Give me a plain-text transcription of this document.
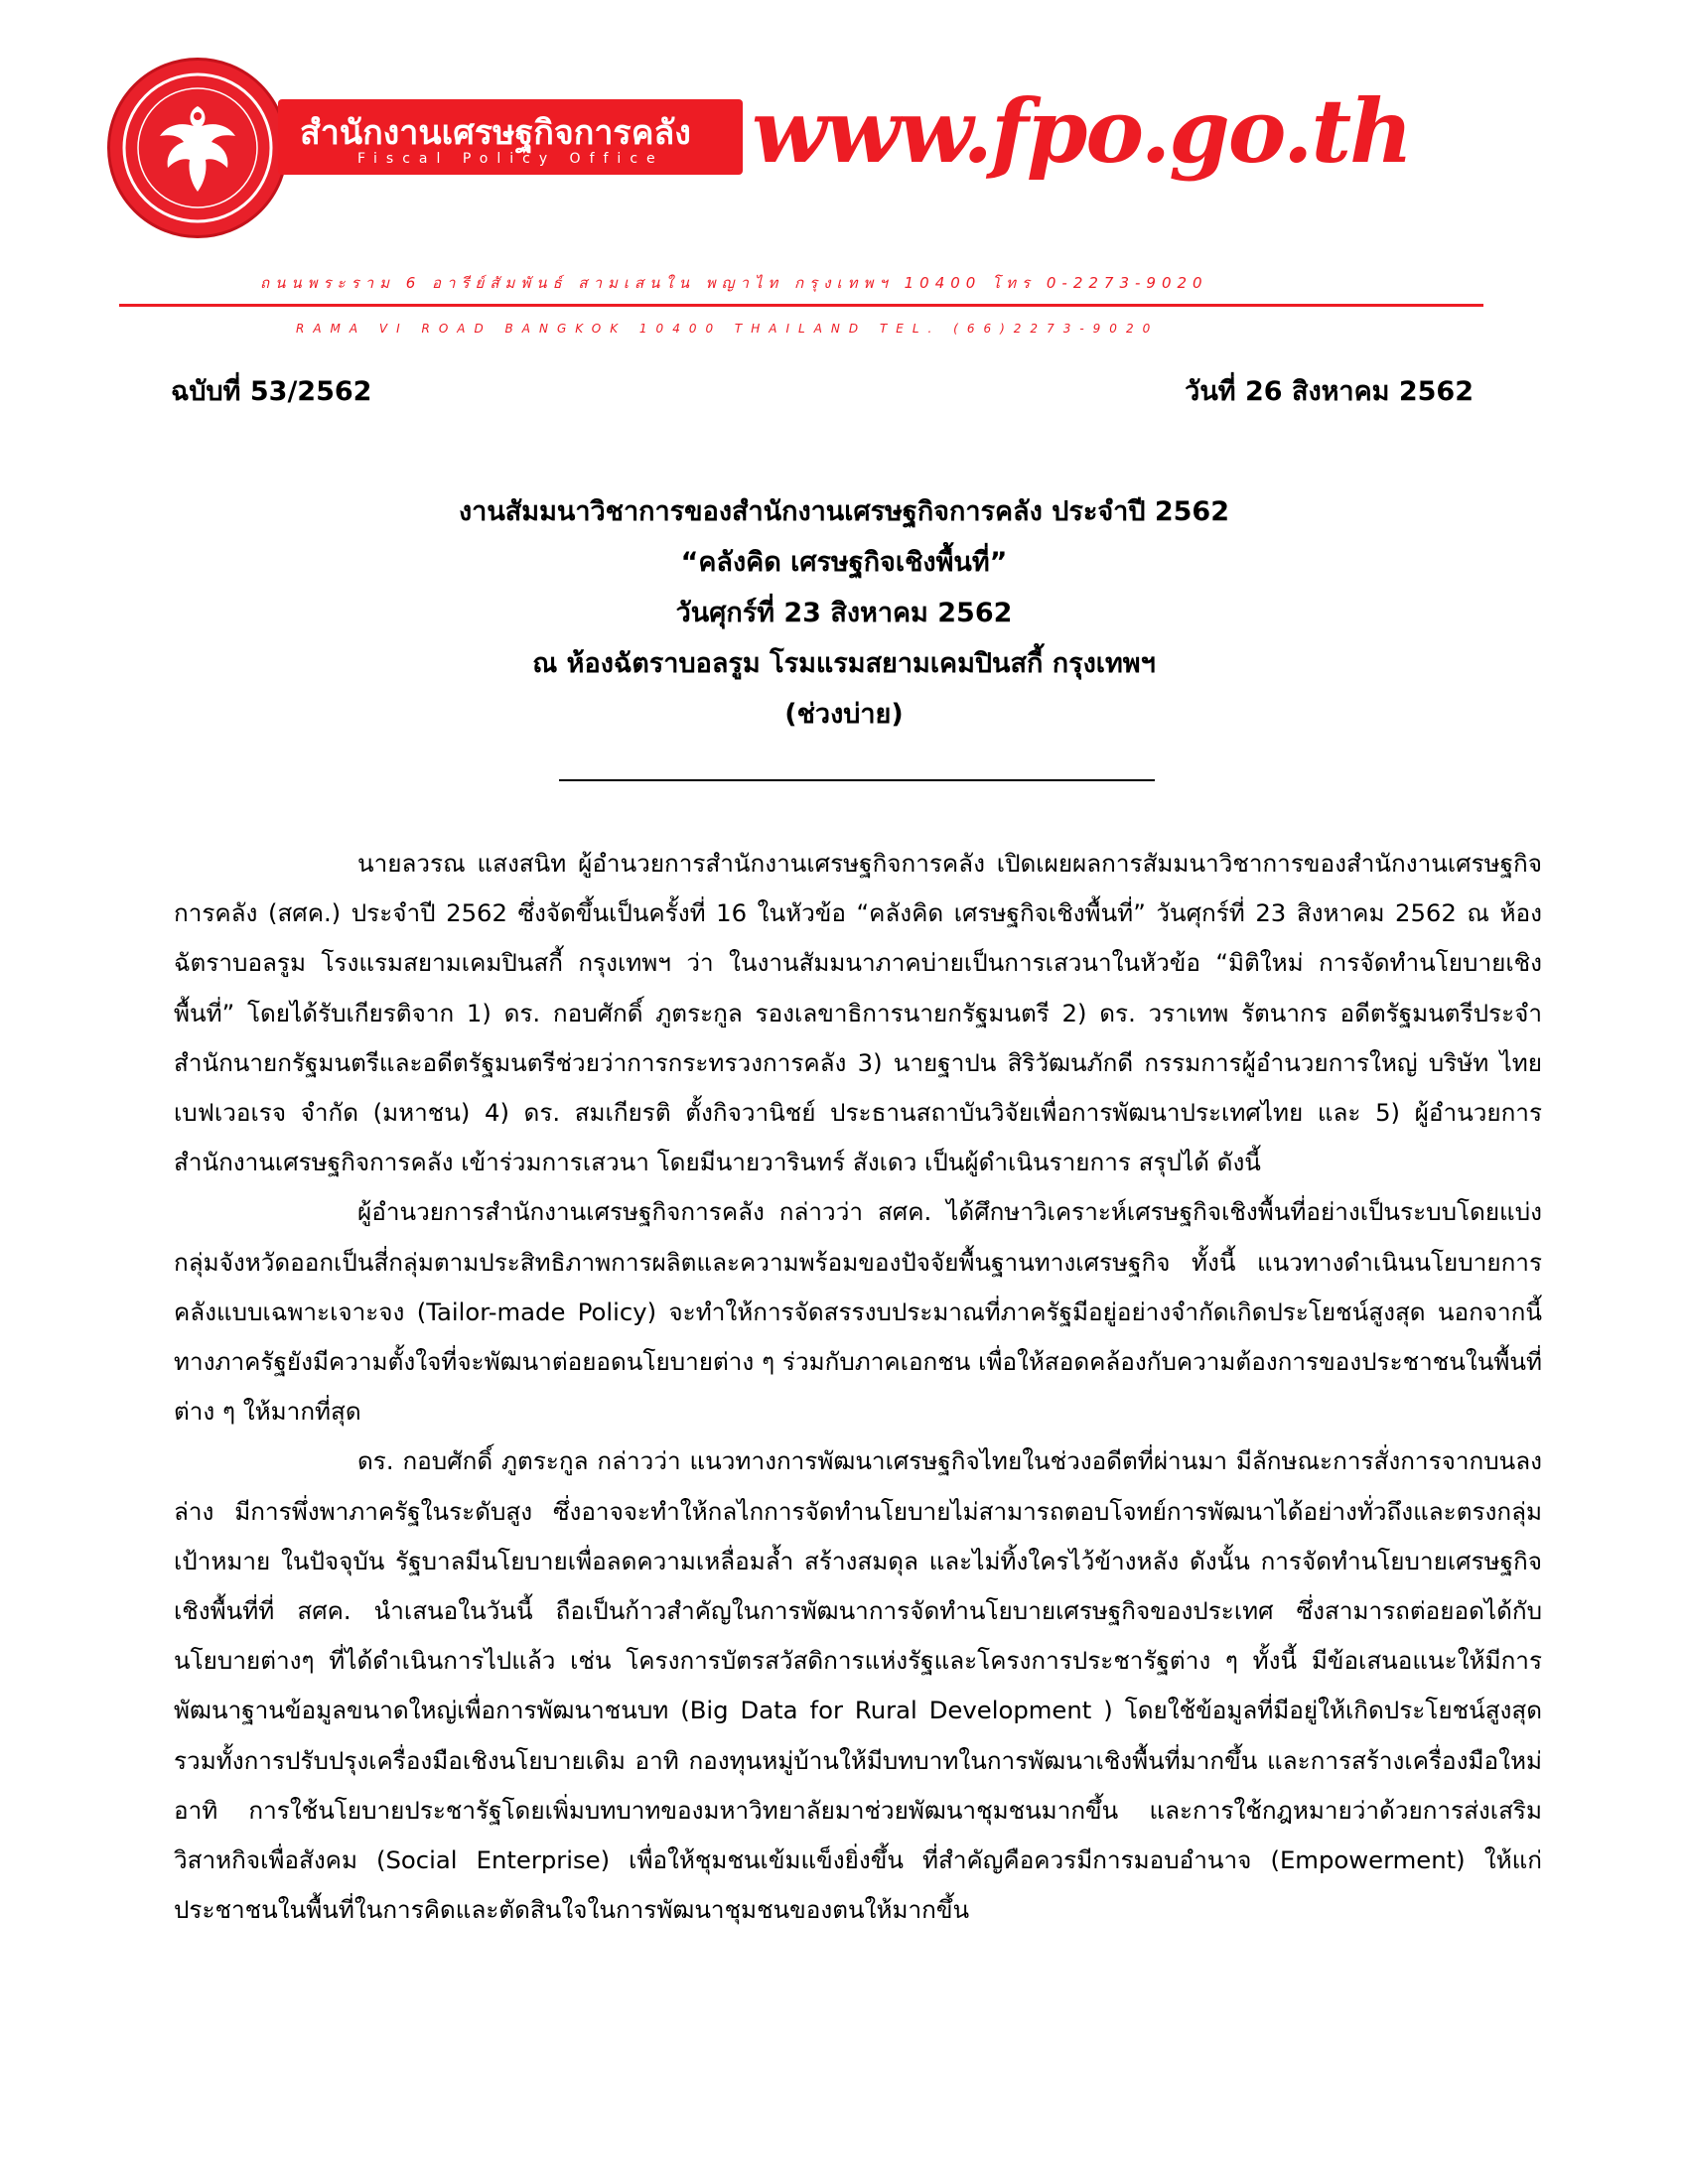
สำนักงานเศรษฐกิจการคลัง
Fiscal Policy Office www.fpo.go.th
ถนนพระราม 6 อารีย์สัมพันธ์ สามเสนใน พญาไท กรุงเทพฯ 10400 โทร 0-2273-9020
RAMA VI ROAD BANGKOK 10400 THAILAND TEL. (66)2273-9020
ฉบับที่ 53/2562	วันที่ 26 สิงหาคม 2562
งานสัมมนาวิชาการของสำนักงานเศรษฐกิจการคลัง ประจำปี 2562
“คลังคิด เศรษฐกิจเชิงพื้นที่”
วันศุกร์ที่ 23 สิงหาคม 2562
ณ ห้องฉัตราบอลรูม โรมแรมสยามเคมปินสกี้ กรุงเทพฯ
(ช่วงบ่าย)

นายลวรณ แสงสนิท ผู้อำนวยการสำนักงานเศรษฐกิจการคลัง เปิดเผยผลการสัมมนาวิชาการของสำนักงานเศรษฐกิจการคลัง (สศค.) ประจำปี 2562 ซึ่งจัดขึ้นเป็นครั้งที่ 16 ในหัวข้อ “คลังคิด เศรษฐกิจเชิงพื้นที่” วันศุกร์ที่ 23 สิงหาคม 2562 ณ ห้องฉัตราบอลรูม โรงแรมสยามเคมปินสกี้ กรุงเทพฯ ว่า ในงานสัมมนาภาคบ่ายเป็นการเสวนาในหัวข้อ “มิติใหม่ การจัดทำนโยบายเชิงพื้นที่” โดยได้รับเกียรติจาก 1) ดร. กอบศักดิ์ ภูตระกูล รองเลขาธิการนายกรัฐมนตรี 2) ดร. วราเทพ รัตนากร อดีตรัฐมนตรีประจำสำนักนายกรัฐมนตรีและอดีตรัฐมนตรีช่วยว่าการกระทรวงการคลัง 3) นายฐาปน สิริวัฒนภักดี กรรมการผู้อำนวยการใหญ่ บริษัท ไทยเบฟเวอเรจ จำกัด (มหาชน) 4) ดร. สมเกียรติ ตั้งกิจวานิชย์ ประธานสถาบันวิจัยเพื่อการพัฒนาประเทศไทย และ 5) ผู้อำนวยการสำนักงานเศรษฐกิจการคลัง เข้าร่วมการเสวนา โดยมีนายวารินทร์ สังเดว เป็นผู้ดำเนินรายการ สรุปได้ ดังนี้

ผู้อำนวยการสำนักงานเศรษฐกิจการคลัง กล่าวว่า สศค. ได้ศึกษาวิเคราะห์เศรษฐกิจเชิงพื้นที่อย่างเป็นระบบโดยแบ่งกลุ่มจังหวัดออกเป็นสี่กลุ่มตามประสิทธิภาพการผลิตและความพร้อมของปัจจัยพื้นฐานทางเศรษฐกิจ ทั้งนี้ แนวทางดำเนินนโยบายการคลังแบบเฉพาะเจาะจง (Tailor-made Policy) จะทำให้การจัดสรรงบประมาณที่ภาครัฐมีอยู่อย่างจำกัดเกิดประโยชน์สูงสุด นอกจากนี้ ทางภาครัฐยังมีความตั้งใจที่จะพัฒนาต่อยอดนโยบายต่าง ๆ ร่วมกับภาคเอกชน เพื่อให้สอดคล้องกับความต้องการของประชาชนในพื้นที่ต่าง ๆ ให้มากที่สุด

ดร. กอบศักดิ์ ภูตระกูล กล่าวว่า แนวทางการพัฒนาเศรษฐกิจไทยในช่วงอดีตที่ผ่านมา มีลักษณะการสั่งการจากบนลงล่าง มีการพึ่งพาภาครัฐในระดับสูง ซึ่งอาจจะทำให้กลไกการจัดทำนโยบายไม่สามารถตอบโจทย์การพัฒนาได้อย่างทั่วถึงและตรงกลุ่มเป้าหมาย ในปัจจุบัน รัฐบาลมีนโยบายเพื่อลดความเหลื่อมล้ำ สร้างสมดุล และไม่ทิ้งใครไว้ข้างหลัง ดังนั้น การจัดทำนโยบายเศรษฐกิจเชิงพื้นที่ที่ สศค. นำเสนอในวันนี้ ถือเป็นก้าวสำคัญในการพัฒนาการจัดทำนโยบายเศรษฐกิจของประเทศ ซึ่งสามารถต่อยอดได้กับนโยบายต่างๆ ที่ได้ดำเนินการไปแล้ว เช่น โครงการบัตรสวัสดิการแห่งรัฐและโครงการประชารัฐต่าง ๆ ทั้งนี้ มีข้อเสนอแนะให้มีการพัฒนาฐานข้อมูลขนาดใหญ่เพื่อการพัฒนาชนบท (Big Data for Rural Development ) โดยใช้ข้อมูลที่มีอยู่ให้เกิดประโยชน์สูงสุด รวมทั้งการปรับปรุงเครื่องมือเชิงนโยบายเดิม อาทิ กองทุนหมู่บ้านให้มีบทบาทในการพัฒนาเชิงพื้นที่มากขึ้น และการสร้างเครื่องมือใหม่ อาทิ การใช้นโยบายประชารัฐโดยเพิ่มบทบาทของมหาวิทยาลัยมาช่วยพัฒนาชุมชนมากขึ้น และการใช้กฎหมายว่าด้วยการส่งเสริมวิสาหกิจเพื่อสังคม (Social Enterprise) เพื่อให้ชุมชนเข้มแข็งยิ่งขึ้น ที่สำคัญคือควรมีการมอบอำนาจ (Empowerment) ให้แก่ประชาชนในพื้นที่ในการคิดและตัดสินใจในการพัฒนาชุมชนของตนให้มากขึ้น
